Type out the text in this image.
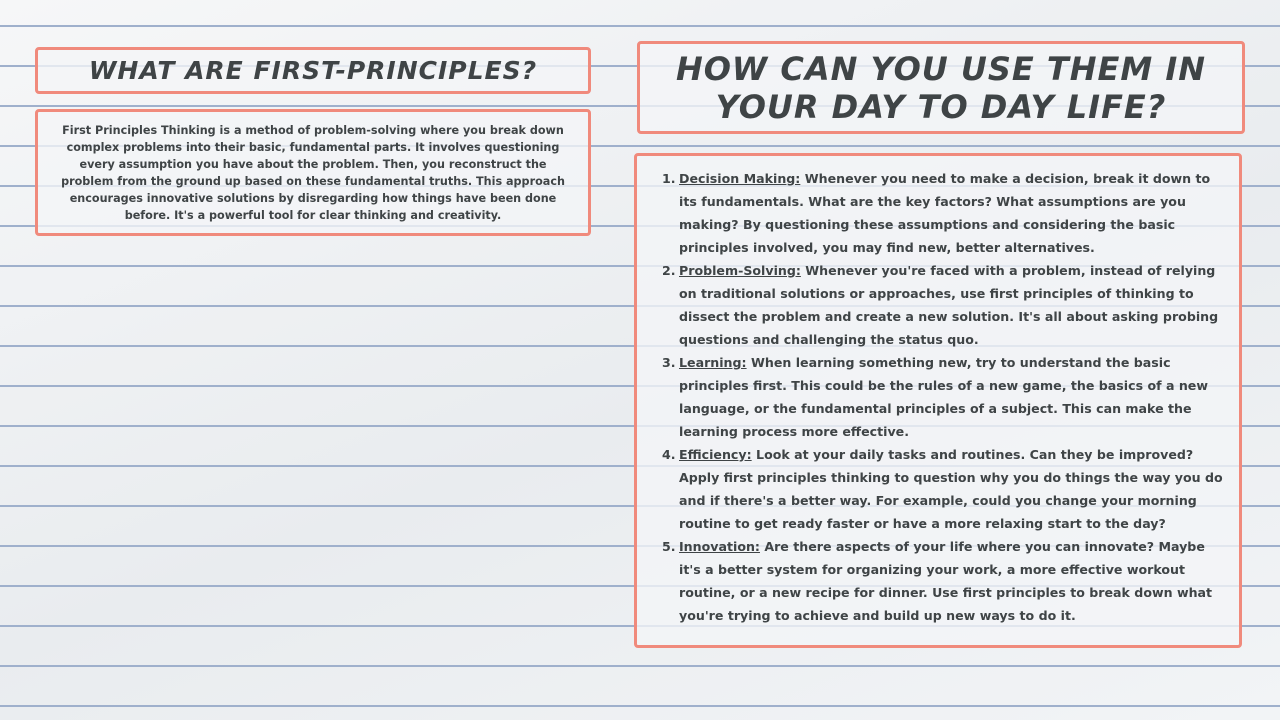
WHAT ARE FIRST-PRINCIPLES?

First Principles Thinking is a method of problem-solving where you break down complex problems into their basic, fundamental parts. It involves questioning every assumption you have about the problem. Then, you reconstruct the problem from the ground up based on these fundamental truths. This approach encourages innovative solutions by disregarding how things have been done before. It's a powerful tool for clear thinking and creativity.

HOW CAN YOU USE THEM IN YOUR DAY TO DAY LIFE?
1. Decision Making: Whenever you need to make a decision, break it down to its fundamentals. What are the key factors? What assumptions are you making? By questioning these assumptions and considering the basic principles involved, you may find new, better alternatives.
2. Problem-Solving: Whenever you're faced with a problem, instead of relying on traditional solutions or approaches, use first principles of thinking to dissect the problem and create a new solution. It's all about asking probing questions and challenging the status quo.
3. Learning: When learning something new, try to understand the basic principles first. This could be the rules of a new game, the basics of a new language, or the fundamental principles of a subject. This can make the learning process more effective.
4. Efficiency: Look at your daily tasks and routines. Can they be improved? Apply first principles thinking to question why you do things the way you do and if there's a better way. For example, could you change your morning routine to get ready faster or have a more relaxing start to the day?
5. Innovation: Are there aspects of your life where you can innovate? Maybe it's a better system for organizing your work, a more effective workout routine, or a new recipe for dinner. Use first principles to break down what you're trying to achieve and build up new ways to do it.
